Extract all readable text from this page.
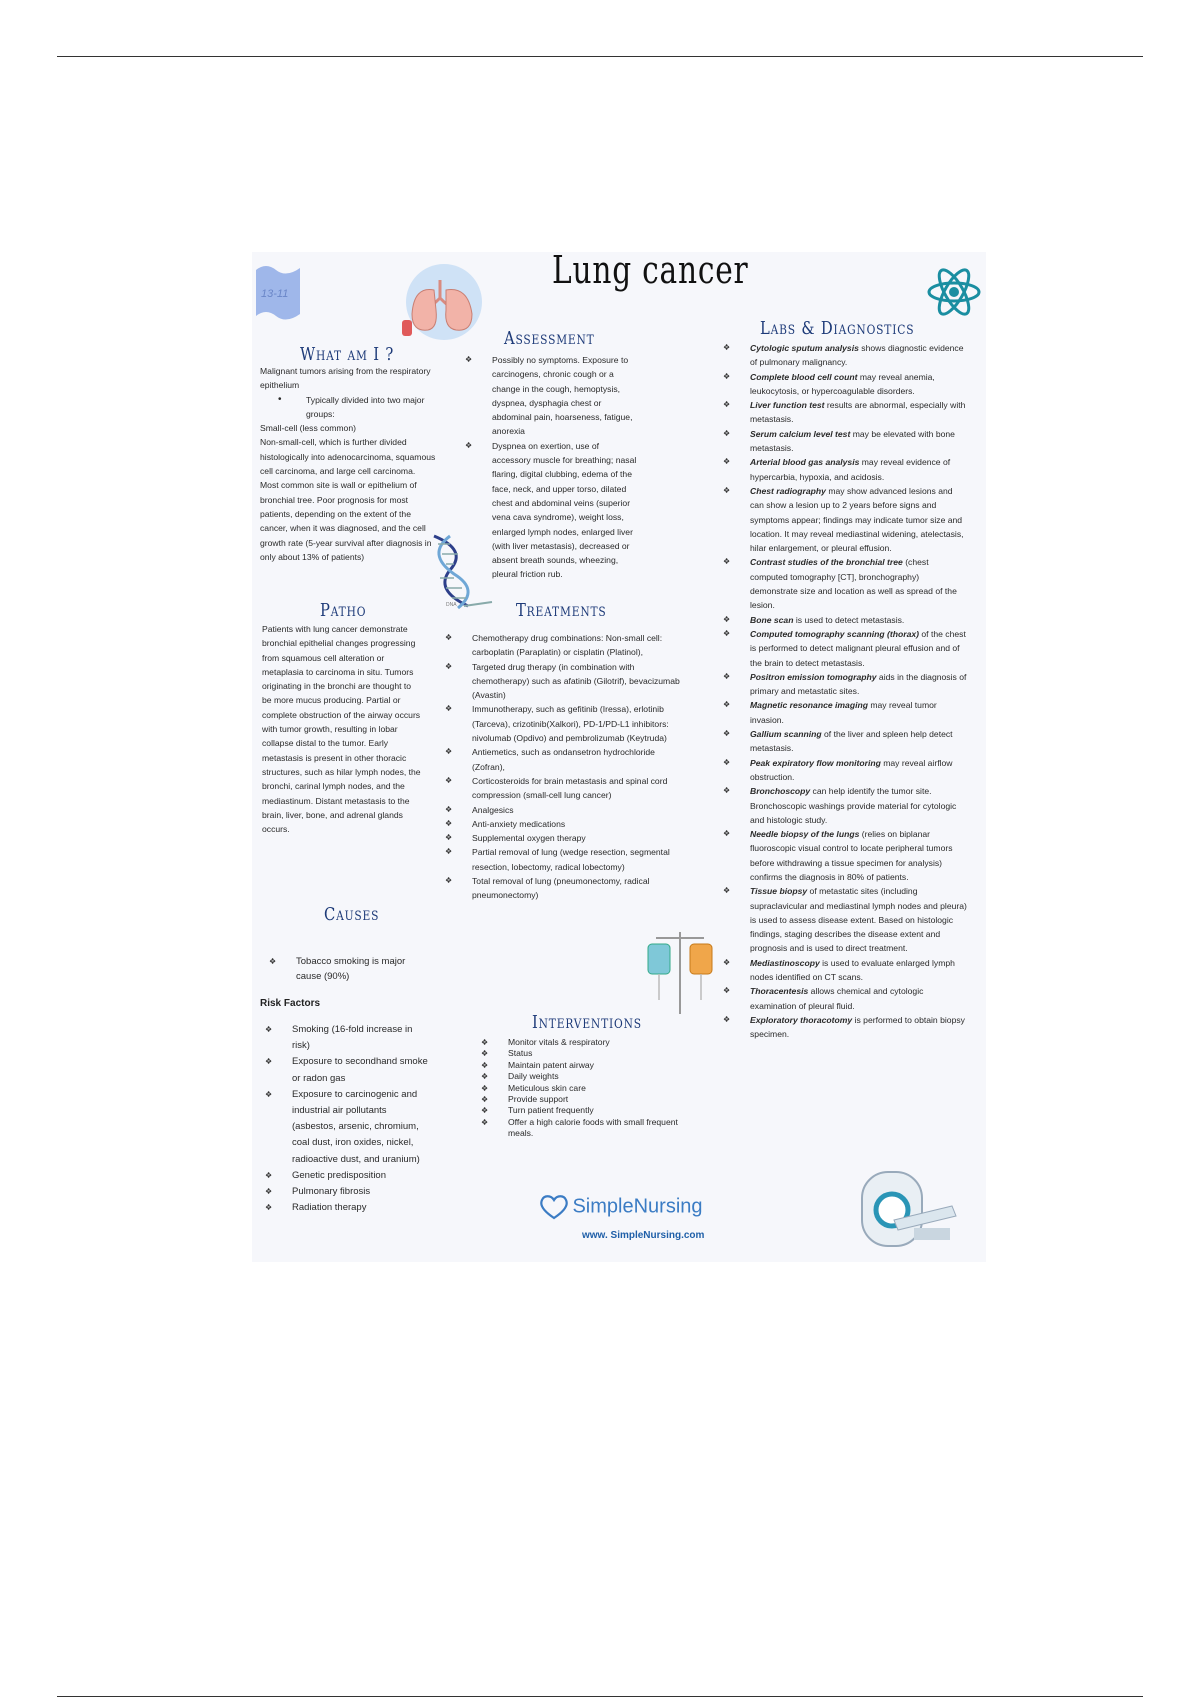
13-11
Lung cancer
What am I ?

Malignant tumors arising from the respiratory epithelium

• Typically divided into two major groups:

Small-cell (less common)

Non-small-cell, which is further divided histologically into adenocarcinoma, squamous cell carcinoma, and large cell carcinoma.

Most common site is wall or epithelium of bronchial tree. Poor prognosis for most patients, depending on the extent of the cancer, when it was diagnosed, and the cell growth rate (5-year survival after diagnosis in only about 13% of patients)

DNA
Assessment
❖ Possibly no symptoms. Exposure to carcinogens, chronic cough or a change in the cough, hemoptysis, dyspnea, dysphagia chest or abdominal pain, hoarseness, fatigue, anorexia
❖ Dyspnea on exertion, use of accessory muscle for breathing; nasal flaring, digital clubbing, edema of the face, neck, and upper torso, dilated chest and abdominal veins (superior vena cava syndrome), weight loss, enlarged lymph nodes, enlarged liver (with liver metastasis), decreased or absent breath sounds, wheezing, pleural friction rub.
Labs & Diagnostics
❖ Cytologic sputum analysis shows diagnostic evidence of pulmonary malignancy.
❖ Complete blood cell count may reveal anemia, leukocytosis, or hypercoagulable disorders.
❖ Liver function test results are abnormal, especially with metastasis.
❖ Serum calcium level test may be elevated with bone metastasis.
❖ Arterial blood gas analysis may reveal evidence of hypercarbia, hypoxia, and acidosis.
❖ Chest radiography may show advanced lesions and can show a lesion up to 2 years before signs and symptoms appear; findings may indicate tumor size and location. It may reveal mediastinal widening, atelectasis, hilar enlargement, or pleural effusion.
❖ Contrast studies of the bronchial tree (chest computed tomography [CT], bronchography) demonstrate size and location as well as spread of the lesion.
❖ Bone scan is used to detect metastasis.
❖ Computed tomography scanning (thorax) of the chest is performed to detect malignant pleural effusion and of the brain to detect metastasis.
❖ Positron emission tomography aids in the diagnosis of primary and metastatic sites.
❖ Magnetic resonance imaging may reveal tumor invasion.
❖ Gallium scanning of the liver and spleen help detect metastasis.
❖ Peak expiratory flow monitoring may reveal airflow obstruction.
❖ Bronchoscopy can help identify the tumor site. Bronchoscopic washings provide material for cytologic and histologic study.
❖ Needle biopsy of the lungs (relies on biplanar fluoroscopic visual control to locate peripheral tumors before withdrawing a tissue specimen for analysis) confirms the diagnosis in 80% of patients.
❖ Tissue biopsy of metastatic sites (including supraclavicular and mediastinal lymph nodes and pleura) is used to assess disease extent. Based on histologic findings, staging describes the disease extent and prognosis and is used to direct treatment.
❖ Mediastinoscopy is used to evaluate enlarged lymph nodes identified on CT scans.
❖ Thoracentesis allows chemical and cytologic examination of pleural fluid.
❖ Exploratory thoracotomy is performed to obtain biopsy specimen.
Patho
Patients with lung cancer demonstrate bronchial epithelial changes progressing from squamous cell alteration or metaplasia to carcinoma in situ. Tumors originating in the bronchi are thought to be more mucus producing. Partial or complete obstruction of the airway occurs with tumor growth, resulting in lobar collapse distal to the tumor. Early metastasis is present in other thoracic structures, such as hilar lymph nodes, the bronchi, carinal lymph nodes, and the mediastinum. Distant metastasis to the brain, liver, bone, and adrenal glands occurs.
Treatments
❖ Chemotherapy drug combinations: Non-small cell: carboplatin (Paraplatin) or cisplatin (Platinol),
❖ Targeted drug therapy (in combination with chemotherapy) such as afatinib (Gilotrif), bevacizumab (Avastin)
❖ Immunotherapy, such as gefitinib (Iressa), erlotinib (Tarceva), crizotinib(Xalkori), PD-1/PD-L1 inhibitors: nivolumab (Opdivo) and pembrolizumab (Keytruda)
❖ Antiemetics, such as ondansetron hydrochloride (Zofran),
❖ Corticosteroids for brain metastasis and spinal cord compression (small-cell lung cancer)
❖ Analgesics
❖ Anti-anxiety medications
❖ Supplemental oxygen therapy
❖ Partial removal of lung (wedge resection, segmental resection, lobectomy, radical lobectomy)
❖ Total removal of lung (pneumonectomy, radical pneumonectomy)
Causes
❖ Tobacco smoking is major cause (90%)
Risk Factors
❖ Smoking (16-fold increase in risk)
❖ Exposure to secondhand smoke or radon gas
❖ Exposure to carcinogenic and industrial air pollutants (asbestos, arsenic, chromium, coal dust, iron oxides, nickel, radioactive dust, and uranium)
❖ Genetic predisposition
❖ Pulmonary fibrosis
❖ Radiation therapy
Interventions
❖ Monitor vitals & respiratory
❖ Status
❖ Maintain patent airway
❖ Daily weights
❖ Meticulous skin care
❖ Provide support
❖ Turn patient frequently
❖ Offer a high calorie foods with small frequent meals.
SimpleNursing
www. SimpleNursing.com
